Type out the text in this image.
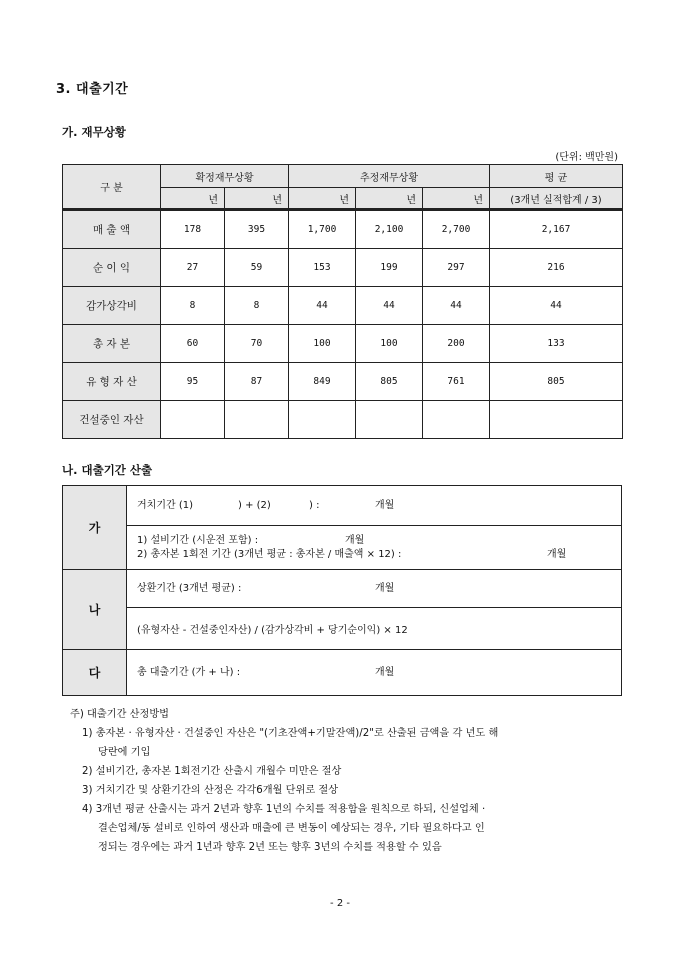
3. 대출기간
가. 재무상황
(단위: 백만원)
구 분	확정재무상황		추정재무상황			평 균
	년	년	년	년	년	(3개년 실적합계 / 3)

매 출 액	178	395	1,700	2,100	2,700	2,167
순 이 익	27	59	153	199	297	216
감가상각비	8	8	44	44	44	44
총 자 본	60	70	100	100	200	133
유 형 자 산	95	87	849	805	761	805
건설중인 자산						
나. 대출기간 산출
가	거치기간 (1) ) + (2) ) : 개월

	1) 설비기간 (시운전 포함) : 개월
2) 총자본 1회전 기간 (3개년 평균 : 총자본 / 매출액 × 12) : 개월

나	상환기간 (3개년 평균) : 개월

	(유형자산 - 건설중인자산) / (감가상각비 + 당기순이익) × 12
다	총 대출기간 (가 + 나) : 개월
주) 대출기간 산정방법
1) 총자본 · 유형자산 · 건설중인 자산은 "(기초잔액+기말잔액)/2"로 산출된 금액을 각 년도 해
당란에 기입
2) 설비기간, 총자본 1회전기간 산출시 개월수 미만은 절상
3) 거치기간 및 상환기간의 산정은 각각6개월 단위로 절상
4) 3개년 평균 산출시는 과거 2년과 향후 1년의 수치를 적용함을 원칙으로 하되, 신설업체 ·
결손업체/동 설비로 인하여 생산과 매출에 큰 변동이 예상되는 경우, 기타 필요하다고 인
정되는 경우에는 과거 1년과 향후 2년 또는 향후 3년의 수치를 적용할 수 있음
- 2 -
